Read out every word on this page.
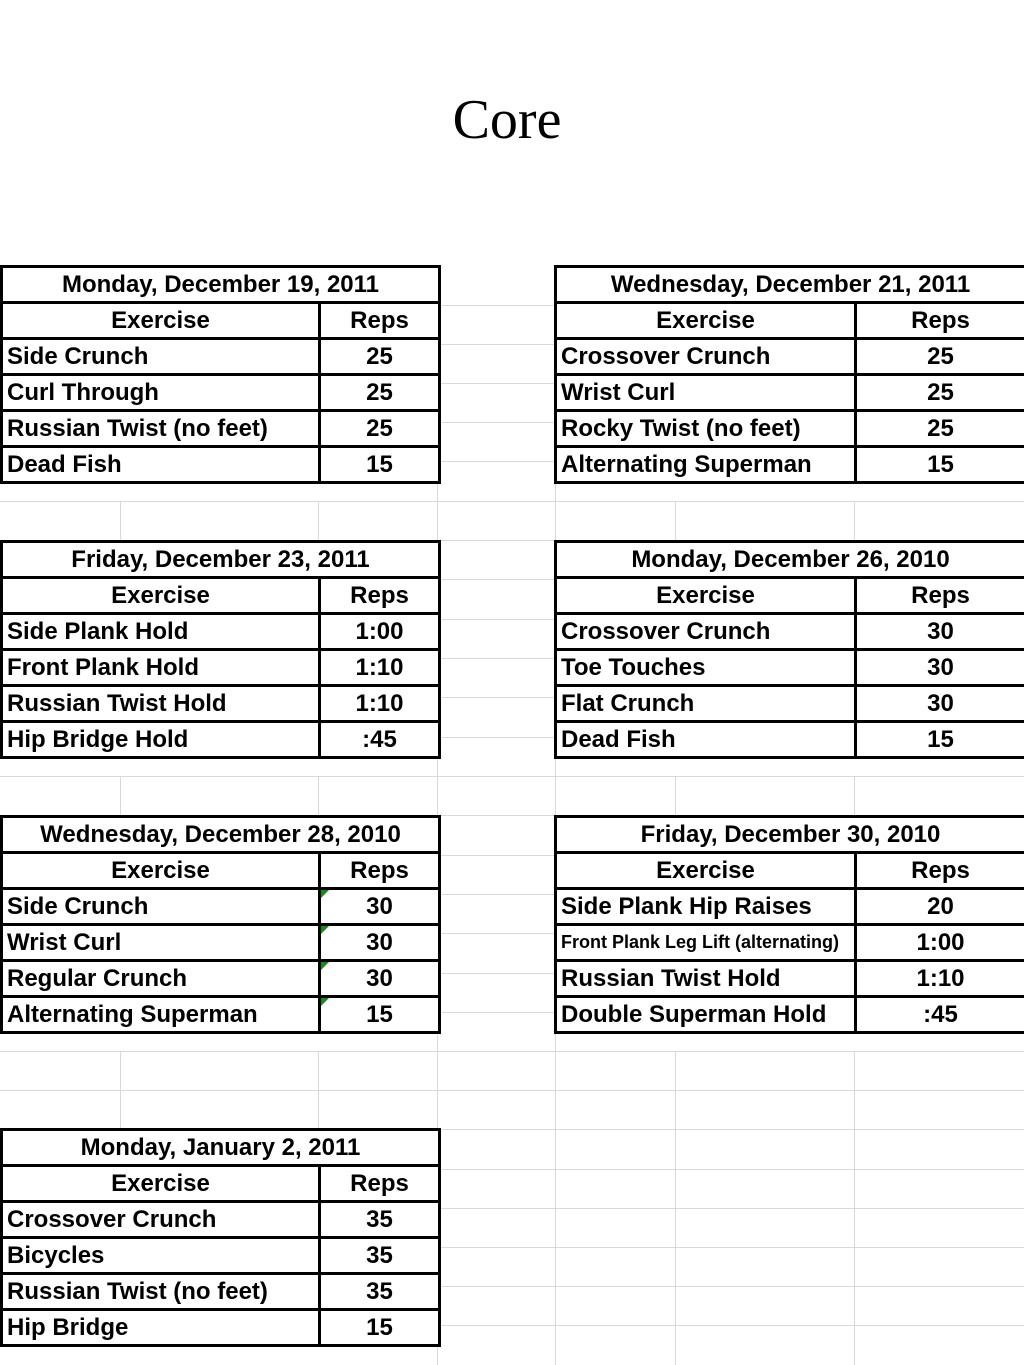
Core
Monday, December 19, 2011	
Exercise	Reps
Side Crunch	25
Curl Through	25
Russian Twist (no feet)	25
Dead Fish	15
Wednesday, December 21, 2011	
Exercise	Reps
Crossover Crunch	25
Wrist Curl	25
Rocky Twist (no feet)	25
Alternating Superman	15
Friday, December 23, 2011	
Exercise	Reps
Side Plank Hold	1:00
Front Plank Hold	1:10
Russian Twist Hold	1:10
Hip Bridge Hold	:45
Monday, December 26, 2010	
Exercise	Reps
Crossover Crunch	30
Toe Touches	30
Flat Crunch	30
Dead Fish	15
Wednesday, December 28, 2010	
Exercise	Reps
Side Crunch	30
Wrist Curl	30
Regular Crunch	30
Alternating Superman	15
Friday, December 30, 2010	
Exercise	Reps
Side Plank Hip Raises	20
Front Plank Leg Lift (alternating)	1:00
Russian Twist Hold	1:10
Double Superman Hold	:45
Monday, January 2, 2011	
Exercise	Reps
Crossover Crunch	35
Bicycles	35
Russian Twist (no feet)	35
Hip Bridge	15
